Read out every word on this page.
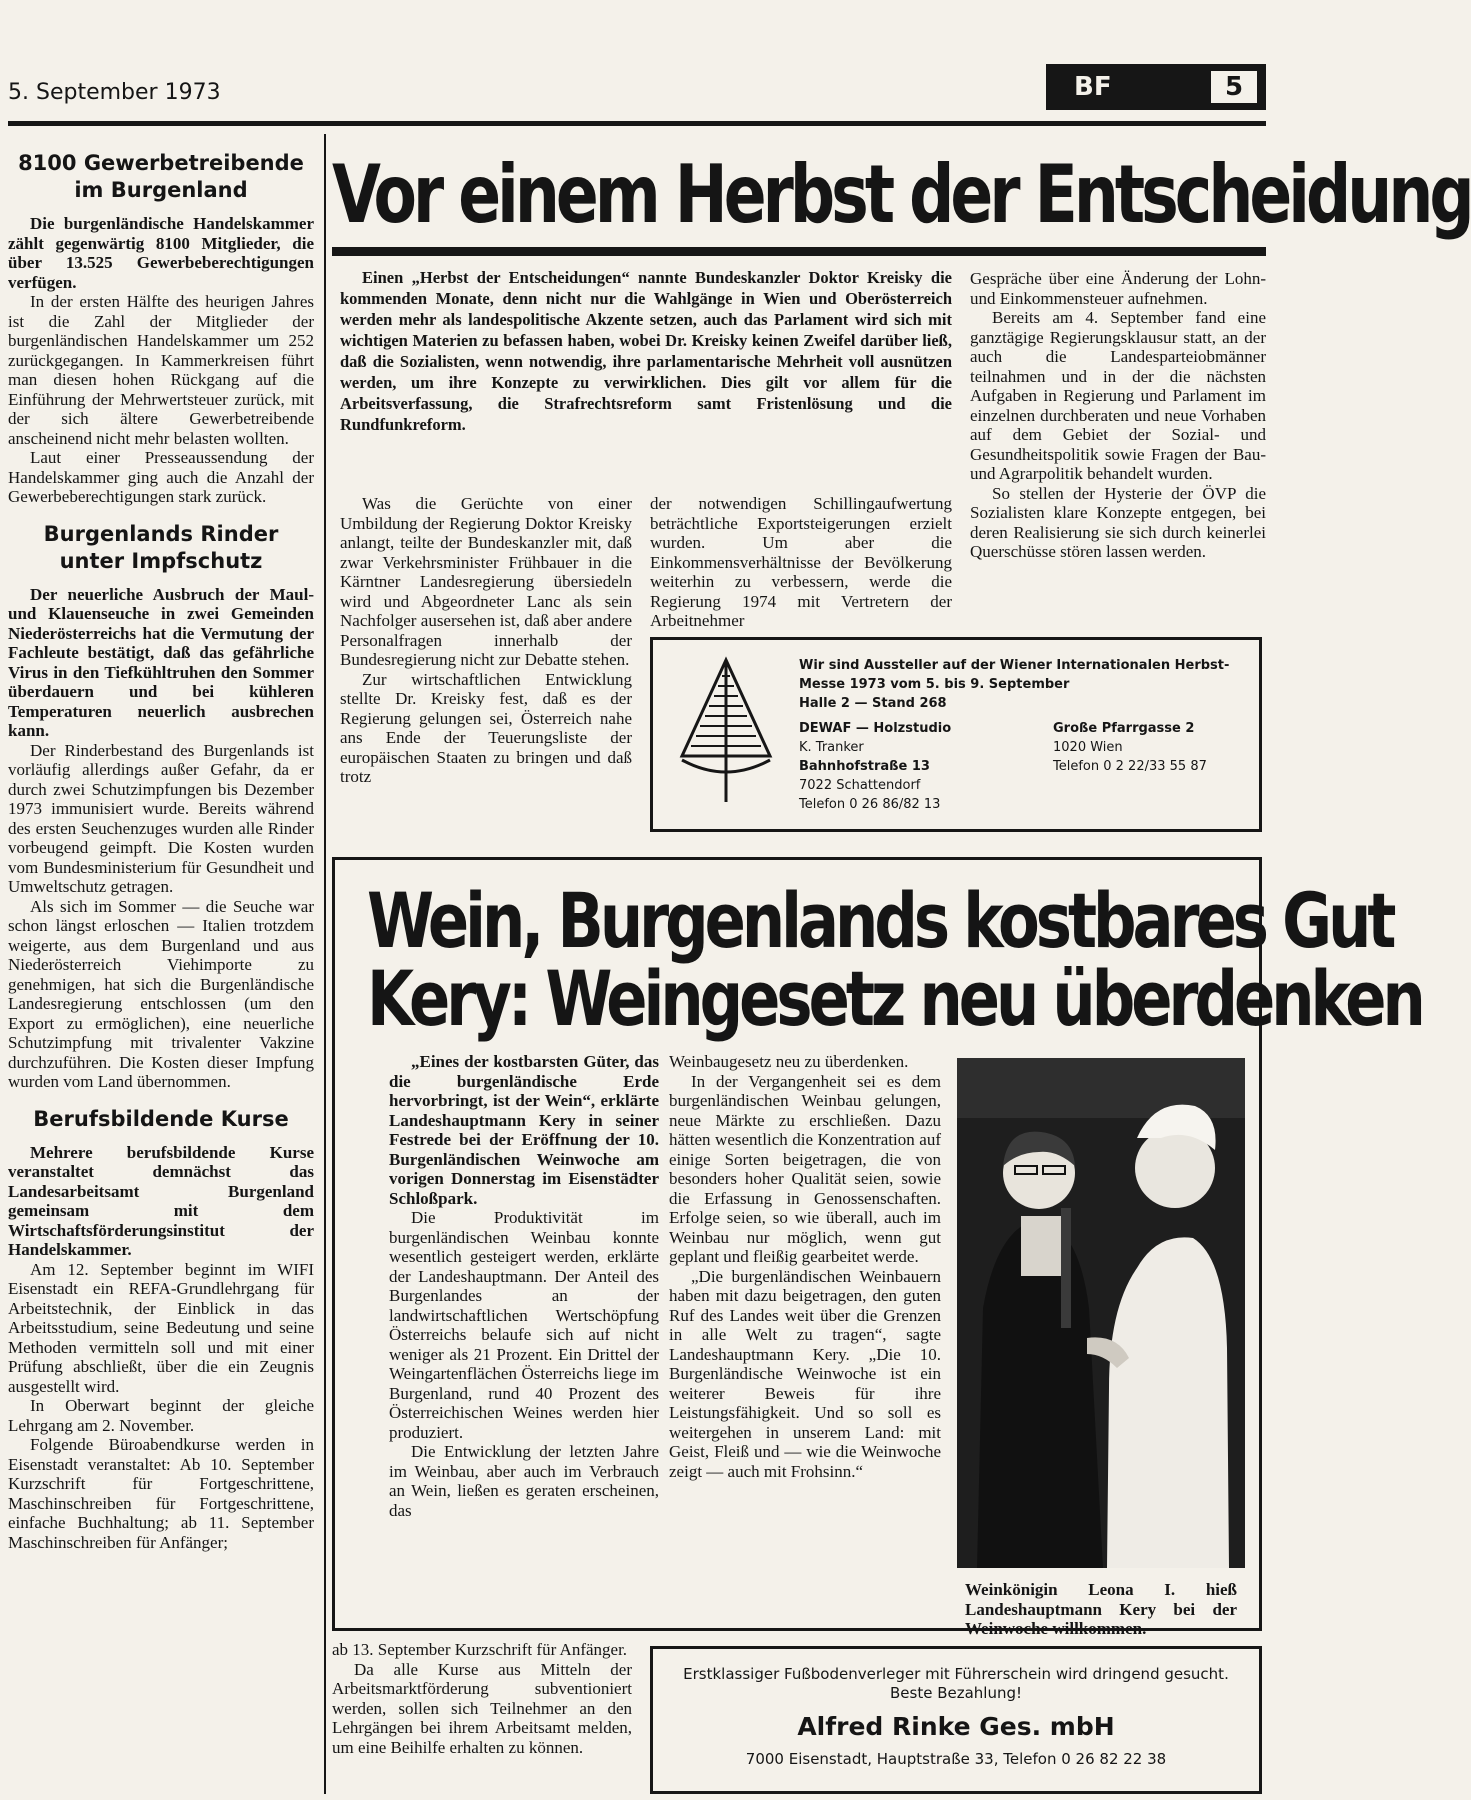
5. September 1973	BF	5
8100 Gewerbetreibende
im Burgenland

Die burgenländische Handelskammer zählt gegenwärtig 8100 Mitglieder, die über 13.525 Gewerbeberechtigungen verfügen.

In der ersten Hälfte des heurigen Jahres ist die Zahl der Mitglieder der burgenländischen Handelskammer um 252 zurückgegangen. In Kammerkreisen führt man diesen hohen Rückgang auf die Einführung der Mehrwertsteuer zurück, mit der sich ältere Gewerbetreibende anscheinend nicht mehr belasten wollten.

Laut einer Presseaussendung der Handelskammer ging auch die Anzahl der Gewerbeberechtigungen stark zurück.

Burgenlands Rinder
unter Impfschutz

Der neuerliche Ausbruch der Maul- und Klauenseuche in zwei Gemeinden Niederösterreichs hat die Vermutung der Fachleute bestätigt, daß das gefährliche Virus in den Tiefkühltruhen den Sommer überdauern und bei kühleren Temperaturen neuerlich ausbrechen kann.

Der Rinderbestand des Burgenlands ist vorläufig allerdings außer Gefahr, da er durch zwei Schutzimpfungen bis Dezember 1973 immunisiert wurde. Bereits während des ersten Seuchenzuges wurden alle Rinder vorbeugend geimpft. Die Kosten wurden vom Bundesministerium für Gesundheit und Umweltschutz getragen.

Als sich im Sommer — die Seuche war schon längst erloschen — Italien trotzdem weigerte, aus dem Burgenland und aus Niederösterreich Viehimporte zu genehmigen, hat sich die Burgenländische Landesregierung entschlossen (um den Export zu ermöglichen), eine neuerliche Schutzimpfung mit trivalenter Vakzine durchzuführen. Die Kosten dieser Impfung wurden vom Land übernommen.

Berufsbildende Kurse

Mehrere berufsbildende Kurse veranstaltet demnächst das Landesarbeitsamt Burgenland gemeinsam mit dem Wirtschaftsförderungsinstitut der Handelskammer.

Am 12. September beginnt im WIFI Eisenstadt ein REFA-Grundlehrgang für Arbeitstechnik, der Einblick in das Arbeitsstudium, seine Bedeutung und seine Methoden vermitteln soll und mit einer Prüfung abschließt, über die ein Zeugnis ausgestellt wird.

In Oberwart beginnt der gleiche Lehrgang am 2. November.

Folgende Büroabendkurse werden in Eisenstadt veranstaltet: Ab 10. September Kurzschrift für Fortgeschrittene, Maschinschreiben für Fortgeschrittene, einfache Buchhaltung; ab 11. September Maschinschreiben für Anfänger;

Vor einem Herbst der Entscheidung

Einen „Herbst der Entscheidungen“ nannte Bundeskanzler Doktor Kreisky die kommenden Monate, denn nicht nur die Wahlgänge in Wien und Oberösterreich werden mehr als landespolitische Akzente setzen, auch das Parlament wird sich mit wichtigen Materien zu befassen haben, wobei Dr. Kreisky keinen Zweifel darüber ließ, daß die Sozialisten, wenn notwendig, ihre parlamentarische Mehrheit voll ausnützen werden, um ihre Konzepte zu verwirklichen. Dies gilt vor allem für die Arbeitsverfassung, die Strafrechtsreform samt Fristenlösung und die Rundfunkreform.

Was die Gerüchte von einer Umbildung der Regierung Doktor Kreisky anlangt, teilte der Bundeskanzler mit, daß zwar Verkehrsminister Frühbauer in die Kärntner Landesregierung übersiedeln wird und Abgeordneter Lanc als sein Nachfolger ausersehen ist, daß aber andere Personalfragen innerhalb der Bundesregierung nicht zur Debatte stehen.

Zur wirtschaftlichen Entwicklung stellte Dr. Kreisky fest, daß es der Regierung gelungen sei, Österreich nahe ans Ende der Teuerungsliste der europäischen Staaten zu bringen und daß trotz

der notwendigen Schillingaufwertung beträchtliche Exportsteigerungen erzielt wurden. Um aber die Einkommensverhältnisse der Bevölkerung weiterhin zu verbessern, werde die Regierung 1974 mit Vertretern der Arbeitnehmer

Gespräche über eine Änderung der Lohn- und Einkommensteuer aufnehmen.

Bereits am 4. September fand eine ganztägige Regierungsklausur statt, an der auch die Landesparteiobmänner teilnahmen und in der die nächsten Aufgaben in Regierung und Parlament im einzelnen durchberaten und neue Vorhaben auf dem Gebiet der Sozial- und Gesundheitspolitik sowie Fragen der Bau- und Agrarpolitik behandelt wurden.

So stellen der Hysterie der ÖVP die Sozialisten klare Konzepte entgegen, bei deren Realisierung sie sich durch keinerlei Querschüsse stören lassen werden.

Wir sind Aussteller auf der Wiener Internationalen Herbst-
Messe 1973 vom 5. bis 9. September
Halle 2 — Stand 268
DEWAF — Holzstudio
K. Tranker
Bahnhofstraße 13
7022 Schattendorf
Telefon 0 26 86/82 13
Große Pfarrgasse 2
1020 Wien
Telefon 0 2 22/33 55 87
Wein, Burgenlands kostbares Gut
Kery: Weingesetz neu überdenken

„Eines der kostbarsten Güter, das die burgenländische Erde hervorbringt, ist der Wein“, erklärte Landeshauptmann Kery in seiner Festrede bei der Eröffnung der 10. Burgenländischen Weinwoche am vorigen Donnerstag im Eisenstädter Schloßpark.

Die Produktivität im burgenländischen Weinbau konnte wesentlich gesteigert werden, erklärte der Landeshauptmann. Der Anteil des Burgenlandes an der landwirtschaftlichen Wertschöpfung Österreichs belaufe sich auf nicht weniger als 21 Prozent. Ein Drittel der Weingartenflächen Österreichs liege im Burgenland, rund 40 Prozent des Österreichischen Weines werden hier produziert.

Die Entwicklung der letzten Jahre im Weinbau, aber auch im Verbrauch an Wein, ließen es geraten erscheinen, das

Weinbaugesetz neu zu überdenken.

In der Vergangenheit sei es dem burgenländischen Weinbau gelungen, neue Märkte zu erschließen. Dazu hätten wesentlich die Konzentration auf einige Sorten beigetragen, die von besonders hoher Qualität seien, sowie die Erfassung in Genossenschaften. Erfolge seien, so wie überall, auch im Weinbau nur möglich, wenn gut geplant und fleißig gearbeitet werde.

„Die burgenländischen Weinbauern haben mit dazu beigetragen, den guten Ruf des Landes weit über die Grenzen in alle Welt zu tragen“, sagte Landeshauptmann Kery. „Die 10. Burgenländische Weinwoche ist ein weiterer Beweis für ihre Leistungsfähigkeit. Und so soll es weitergehen in unserem Land: mit Geist, Fleiß und — wie die Weinwoche zeigt — auch mit Frohsinn.“

Weinkönigin Leona I. hieß Landeshauptmann Kery bei der Weinwoche willkommen.

ab 13. September Kurzschrift für Anfänger.

Da alle Kurse aus Mitteln der Arbeitsmarktförderung subventioniert werden, sollen sich Teilnehmer an den Lehrgängen bei ihrem Arbeitsamt melden, um eine Beihilfe erhalten zu können.

Erstklassiger Fußbodenverleger mit Führerschein wird dringend gesucht. Beste Bezahlung!
Alfred Rinke Ges. mbH
7000 Eisenstadt, Hauptstraße 33, Telefon 0 26 82 22 38
